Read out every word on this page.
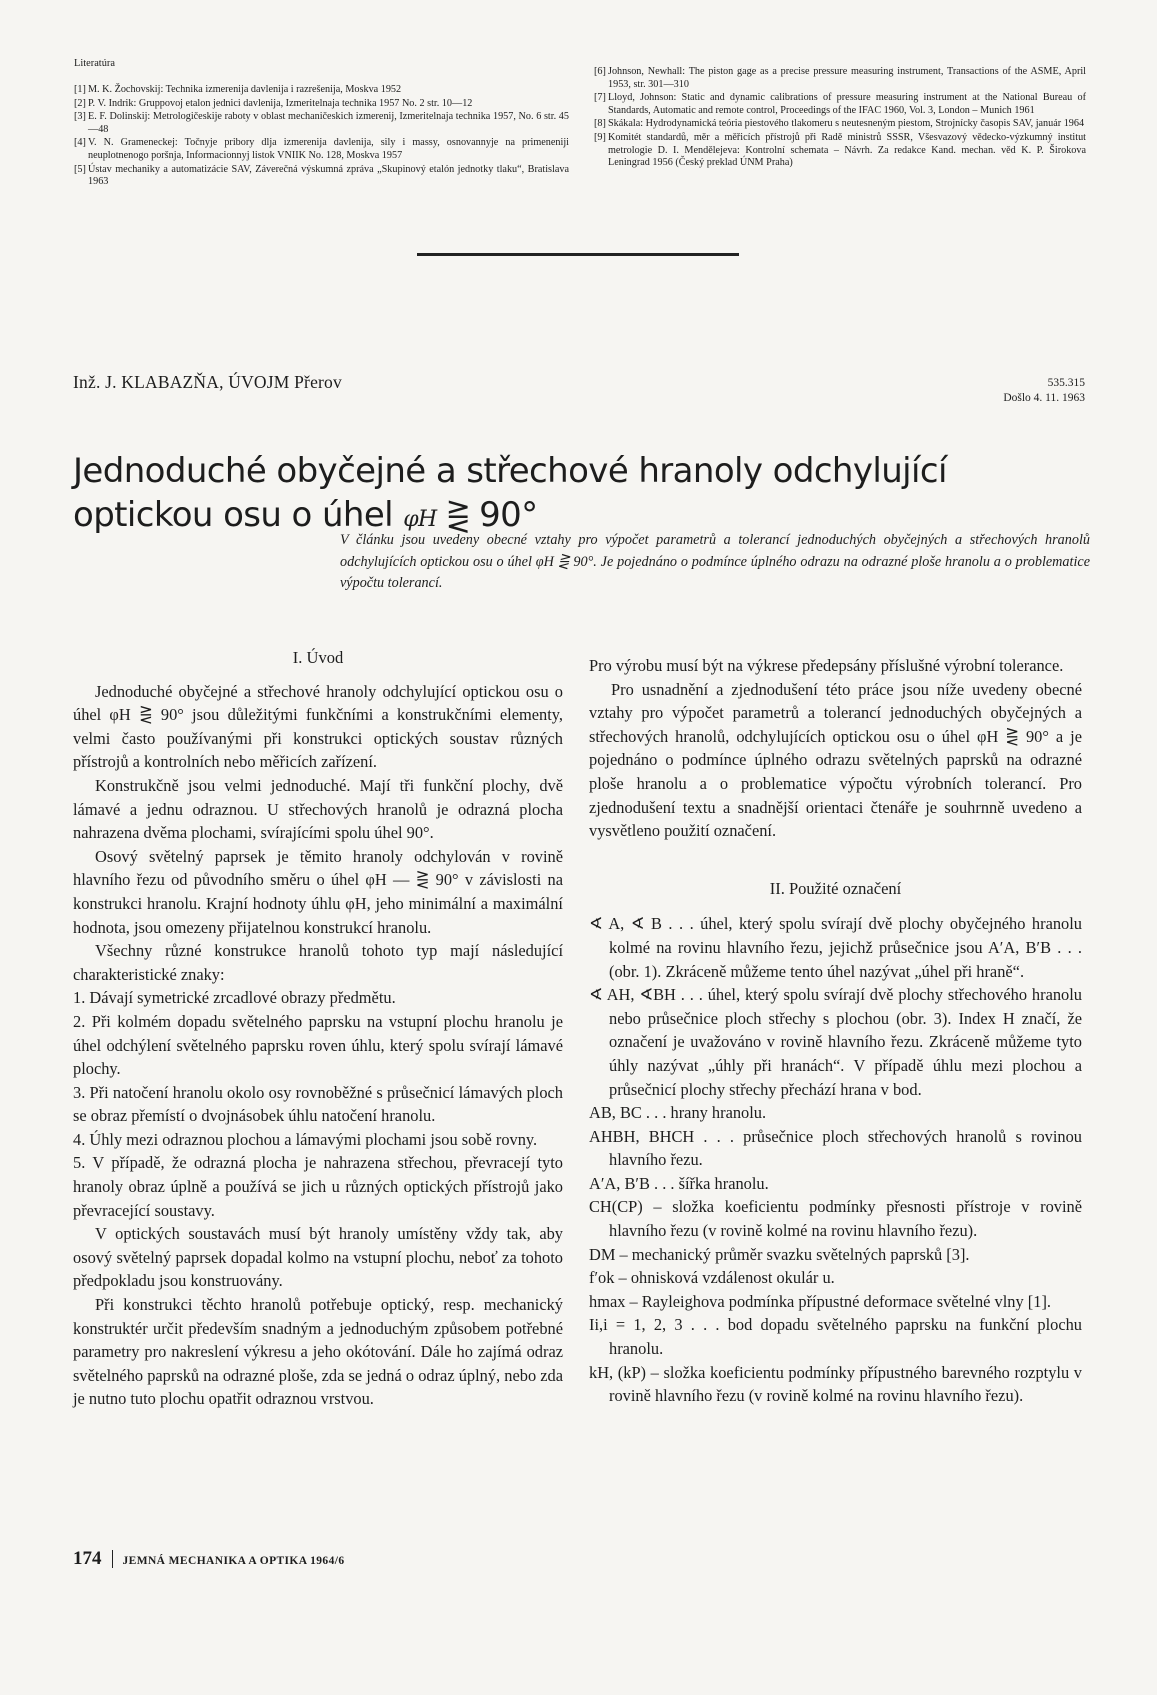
Literatúra
[1] M. K. Žochovskij: Technika izmerenija davlenija i razrešenija, Moskva 1952
[2] P. V. Indrik: Gruppovoj etalon jednici davlenija, Izmeritelnaja technika 1957 No. 2 str. 10—12
[3] E. F. Dolinskij: Metrologičeskije raboty v oblast mechaničeskich izmerenij, Izmeritelnaja technika 1957, No. 6 str. 45—48
[4] V. N. Grameneckej: Točnyje pribory dlja izmerenija davlenija, sily i massy, osnovannyje na primeneniji neuplotnenogo poršnja, Informacionnyj listok VNIIK No. 128, Moskva 1957
[5] Ústav mechaniky a automatizácie SAV, Záverečná výskumná zpráva „Skupinový etalón jednotky tlaku“, Bratislava 1963
[6] Johnson, Newhall: The piston gage as a precise pressure measuring instrument, Transactions of the ASME, April 1953, str. 301—310
[7] Lloyd, Johnson: Static and dynamic calibrations of pressure measuring instrument at the National Bureau of Standards, Automatic and remote control, Proceedings of the IFAC 1960, Vol. 3, London – Munich 1961
[8] Skákala: Hydrodynamická teória piestového tlakomeru s neutesneným piestom, Strojnícky časopis SAV, január 1964
[9] Komitét standardů, měr a měřicích přístrojů při Radě ministrů SSSR, Všesvazový vědecko-výzkumný institut metrologie D. I. Mendělejeva: Kontrolní schemata – Návrh. Za redakce Kand. mechan. věd K. P. Širokova Leningrad 1956 (Český preklad ÚNM Praha)
Inž. J. KLABAZŇA, ÚVOJM Přerov	535.315
Došlo 4. 11. 1963
Jednoduché obyčejné a střechové hranoly odchylující optickou osu o úhel φH ⋛ 90°
V článku jsou uvedeny obecné vztahy pro výpočet parametrů a tolerancí jednoduchých obyčejných a střechových hranolů odchylujících optickou osu o úhel φH ⋛ 90°. Je pojednáno o podmínce úplného odrazu na odrazné ploše hranolu a o problematice výpočtu tolerancí.
I. Úvod

Jednoduché obyčejné a střechové hranoly odchylující optickou osu o úhel φH ⋛ 90° jsou důležitými funkčními a konstrukčními elementy, velmi často používanými při konstrukci optických soustav různých přístrojů a kontrolních nebo měřicích zařízení.

Konstrukčně jsou velmi jednoduché. Mají tři funkční plochy, dvě lámavé a jednu odraznou. U střechových hranolů je odrazná plocha nahrazena dvěma plochami, svírajícími spolu úhel 90°.

Osový světelný paprsek je těmito hranoly odchylován v rovině hlavního řezu od původního směru o úhel φH — ⋛ 90° v závislosti na konstrukci hranolu. Krajní hodnoty úhlu φH, jeho minimální a maximální hodnota, jsou omezeny přijatelnou konstrukcí hranolu.

Všechny různé konstrukce hranolů tohoto typ mají následující charakteristické znaky:

1. Dávají symetrické zrcadlové obrazy předmětu.

2. Při kolmém dopadu světelného paprsku na vstupní plochu hranolu je úhel odchýlení světelného paprsku roven úhlu, který spolu svírají lámavé plochy.

3. Při natočení hranolu okolo osy rovnoběžné s průsečnicí lámavých ploch se obraz přemístí o dvojnásobek úhlu natočení hranolu.

4. Úhly mezi odraznou plochou a lámavými plochami jsou sobě rovny.

5. V případě, že odrazná plocha je nahrazena střechou, převracejí tyto hranoly obraz úplně a používá se jich u různých optických přístrojů jako převracející soustavy.

V optických soustavách musí být hranoly umístěny vždy tak, aby osový světelný paprsek dopadal kolmo na vstupní plochu, neboť za tohoto předpokladu jsou konstruovány.

Při konstrukci těchto hranolů potřebuje optický, resp. mechanický konstruktér určit především snadným a jednoduchým způsobem potřebné parametry pro nakreslení výkresu a jeho okótování. Dále ho zajímá odraz světelného paprsků na odrazné ploše, zda se jedná o odraz úplný, nebo zda je nutno tuto plochu opatřit odraznou vrstvou.

Pro výrobu musí být na výkrese předepsány příslušné výrobní tolerance.

Pro usnadnění a zjednodušení této práce jsou níže uvedeny obecné vztahy pro výpočet parametrů a tolerancí jednoduchých obyčejných a střechových hranolů, odchylujících optickou osu o úhel φH ⋛ 90° a je pojednáno o podmínce úplného odrazu světelných paprsků na odrazné ploše hranolu a o problematice výpočtu výrobních tolerancí. Pro zjednodušení textu a snadnější orientaci čtenáře je souhrnně uvedeno a vysvětleno použití označení.

II. Použité označení

∢ A, ∢ B . . . úhel, který spolu svírají dvě plochy obyčejného hranolu kolmé na rovinu hlavního řezu, jejichž průsečnice jsou A′A, B′B . . . (obr. 1). Zkráceně můžeme tento úhel nazývat „úhel při hraně“.

∢ AH, ∢BH . . . úhel, který spolu svírají dvě plochy střechového hranolu nebo průsečnice ploch střechy s plochou (obr. 3). Index H značí, že označení je uvažováno v rovině hlavního řezu. Zkráceně můžeme tyto úhly nazývat „úhly při hranách“. V případě úhlu mezi plochou a průsečnicí plochy střechy přechází hrana v bod.

AB, BC . . . hrany hranolu.

AHBH, BHCH . . . průsečnice ploch střechových hranolů s rovinou hlavního řezu.

A′A, B′B . . . šířka hranolu.

CH(CP) – složka koeficientu podmínky přesnosti přístroje v rovině hlavního řezu (v rovině kolmé na rovinu hlavního řezu).

DM – mechanický průměr svazku světelných paprsků [3].

f′ok – ohnisková vzdálenost okulár u.

hmax – Rayleighova podmínka přípustné deformace světelné vlny [1].

Ii,i = 1, 2, 3 . . . bod dopadu světelného paprsku na funkční plochu hranolu.

kH, (kP) – složka koeficientu podmínky přípustného barevného rozptylu v rovině hlavního řezu (v rovině kolmé na rovinu hlavního řezu).

174 JEMNÁ MECHANIKA A OPTIKA 1964/6
